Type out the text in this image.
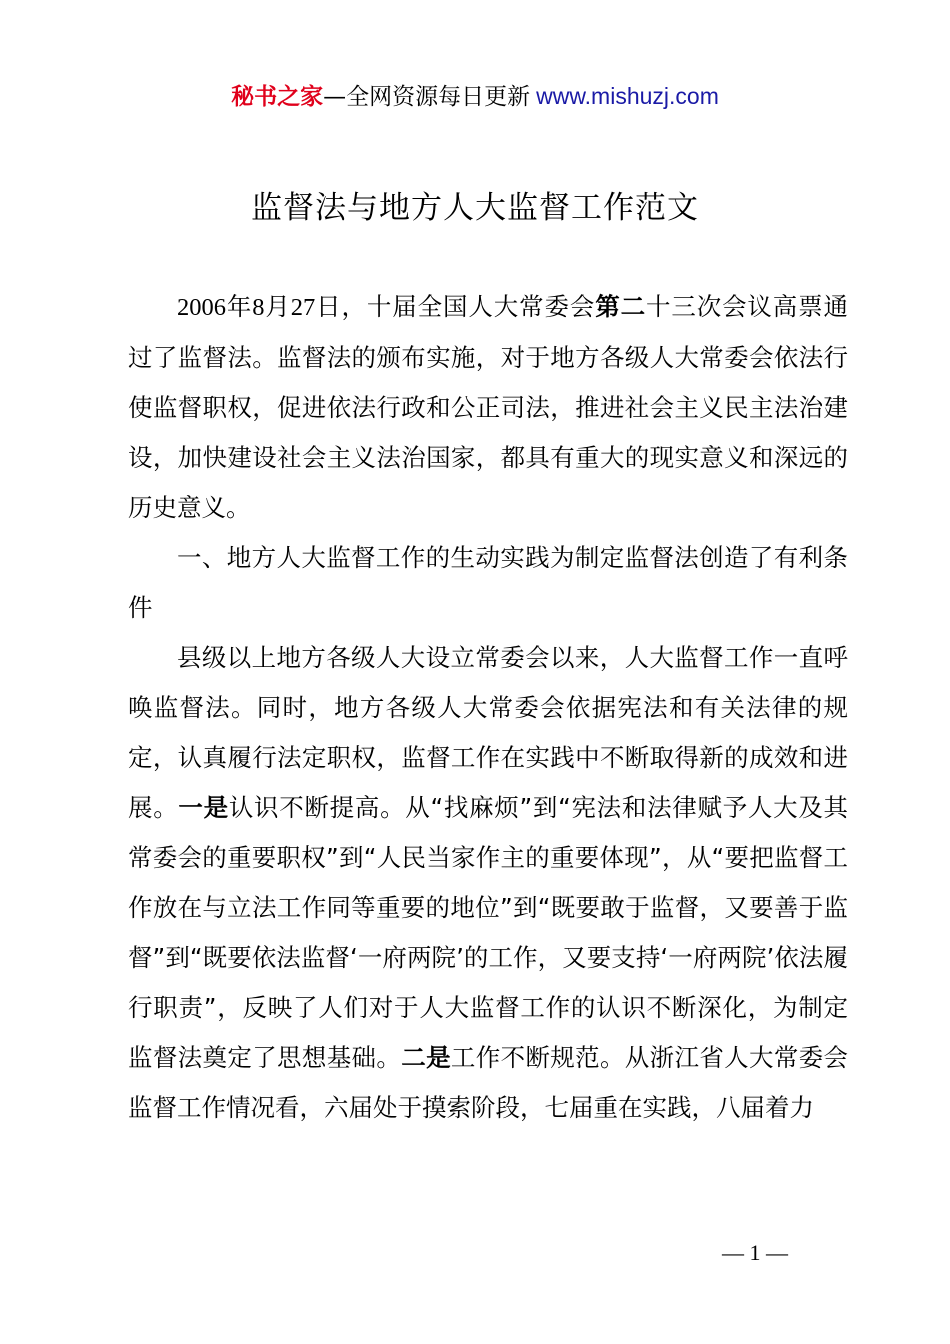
秘书之家—全网资源每日更新 www.mishuzj.com
监督法与地方人大监督工作范文

2006年8月27日，十届全国人大常委会第二十三次会议高票通过了监督法。监督法的颁布实施，对于地方各级人大常委会依法行使监督职权，促进依法行政和公正司法，推进社会主义民主法治建设，加快建设社会主义法治国家，都具有重大的现实意义和深远的历史意义。

一、地方人大监督工作的生动实践为制定监督法创造了有利条件

县级以上地方各级人大设立常委会以来，人大监督工作一直呼唤监督法。同时，地方各级人大常委会依据宪法和有关法律的规定，认真履行法定职权，监督工作在实践中不断取得新的成效和进展。一是认识不断提高。从“找麻烦”到“宪法和法律赋予人大及其常委会的重要职权”到“人民当家作主的重要体现”，从“要把监督工作放在与立法工作同等重要的地位”到“既要敢于监督，又要善于监督”到“既要依法监督‘一府两院’的工作，又要支持‘一府两院’依法履行职责”，反映了人们对于人大监督工作的认识不断深化，为制定监督法奠定了思想基础。二是工作不断规范。从浙江省人大常委会监督工作情况看，六届处于摸索阶段，七届重在实践，八届着力

— 1 —
